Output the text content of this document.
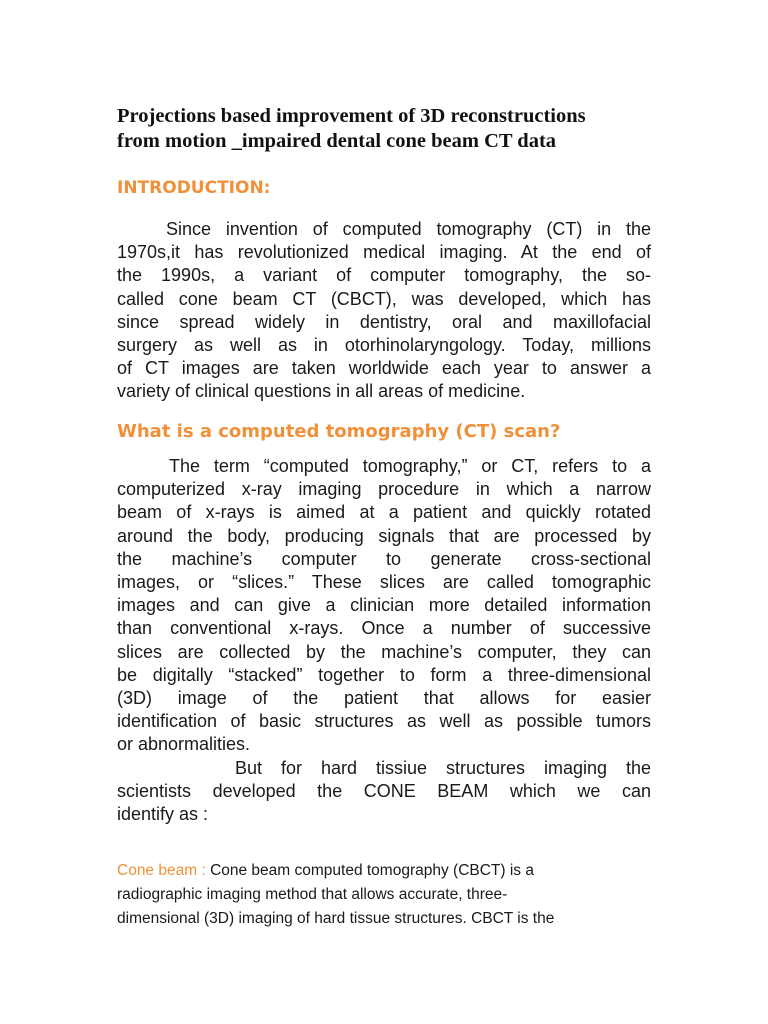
Projections based improvement of 3D reconstructions
from motion _impaired dental cone beam CT data
INTRODUCTION:

Since invention of computed tomography (CT) in the
1970s,it has revolutionized medical imaging. At the end of
the 1990s, a variant of computer tomography, the so-
called cone beam CT (CBCT), was developed, which has
since spread widely in dentistry, oral and maxillofacial
surgery as well as in otorhinolaryngology. Today, millions
of CT images are taken worldwide each year to answer a
variety of clinical questions in all areas of medicine.

What is a computed tomography (CT) scan?

The term “computed tomography,” or CT, refers to a
computerized x-ray imaging procedure in which a narrow
beam of x-rays is aimed at a patient and quickly rotated
around the body, producing signals that are processed by
the machine’s computer to generate cross-sectional
images, or “slices.” These slices are called tomographic
images and can give a clinician more detailed information
than conventional x-rays. Once a number of successive
slices are collected by the machine’s computer, they can
be digitally “stacked” together to form a three-dimensional
(3D) image of the patient that allows for easier
identification of basic structures as well as possible tumors
or abnormalities.
But for hard tissiue structures imaging the
scientists developed the CONE BEAM which we can
identify as :

Cone beam : Cone beam computed tomography (CBCT) is a
radiographic imaging method that allows accurate, three-
dimensional (3D) imaging of hard tissue structures. CBCT is the
